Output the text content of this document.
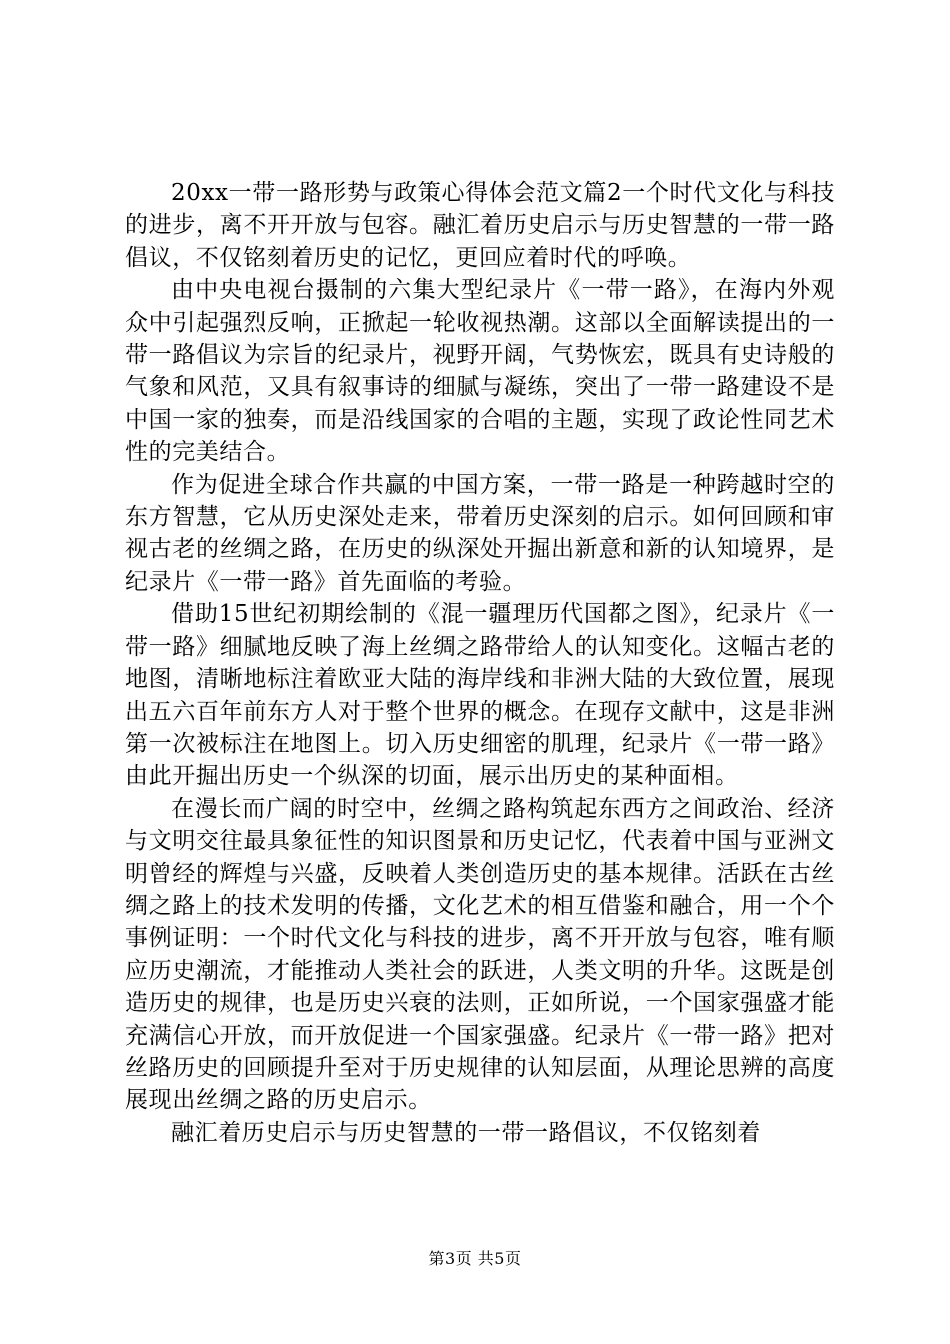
20xx一带一路形势与政策心得体会范文篇2一个时代文化与科技的进步，离不开开放与包容。融汇着历史启示与历史智慧的一带一路倡议，不仅铭刻着历史的记忆，更回应着时代的呼唤。

由中央电视台摄制的六集大型纪录片《一带一路》，在海内外观众中引起强烈反响，正掀起一轮收视热潮。这部以全面解读提出的一带一路倡议为宗旨的纪录片，视野开阔，气势恢宏，既具有史诗般的气象和风范，又具有叙事诗的细腻与凝练，突出了一带一路建设不是中国一家的独奏，而是沿线国家的合唱的主题，实现了政论性同艺术性的完美结合。

作为促进全球合作共赢的中国方案，一带一路是一种跨越时空的东方智慧，它从历史深处走来，带着历史深刻的启示。如何回顾和审视古老的丝绸之路，在历史的纵深处开掘出新意和新的认知境界，是纪录片《一带一路》首先面临的考验。

借助15世纪初期绘制的《混一疆理历代国都之图》，纪录片《一带一路》细腻地反映了海上丝绸之路带给人的认知变化。这幅古老的地图，清晰地标注着欧亚大陆的海岸线和非洲大陆的大致位置，展现出五六百年前东方人对于整个世界的概念。在现存文献中，这是非洲第一次被标注在地图上。切入历史细密的肌理，纪录片《一带一路》由此开掘出历史一个纵深的切面，展示出历史的某种面相。

在漫长而广阔的时空中，丝绸之路构筑起东西方之间政治、经济与文明交往最具象征性的知识图景和历史记忆，代表着中国与亚洲文明曾经的辉煌与兴盛，反映着人类创造历史的基本规律。活跃在古丝绸之路上的技术发明的传播，文化艺术的相互借鉴和融合，用一个个事例证明：一个时代文化与科技的进步，离不开开放与包容，唯有顺应历史潮流，才能推动人类社会的跃进，人类文明的升华。这既是创造历史的规律，也是历史兴衰的法则，正如所说，一个国家强盛才能充满信心开放，而开放促进一个国家强盛。纪录片《一带一路》把对丝路历史的回顾提升至对于历史规律的认知层面，从理论思辨的高度展现出丝绸之路的历史启示。

融汇着历史启示与历史智慧的一带一路倡议，不仅铭刻着

第3页 共5页
